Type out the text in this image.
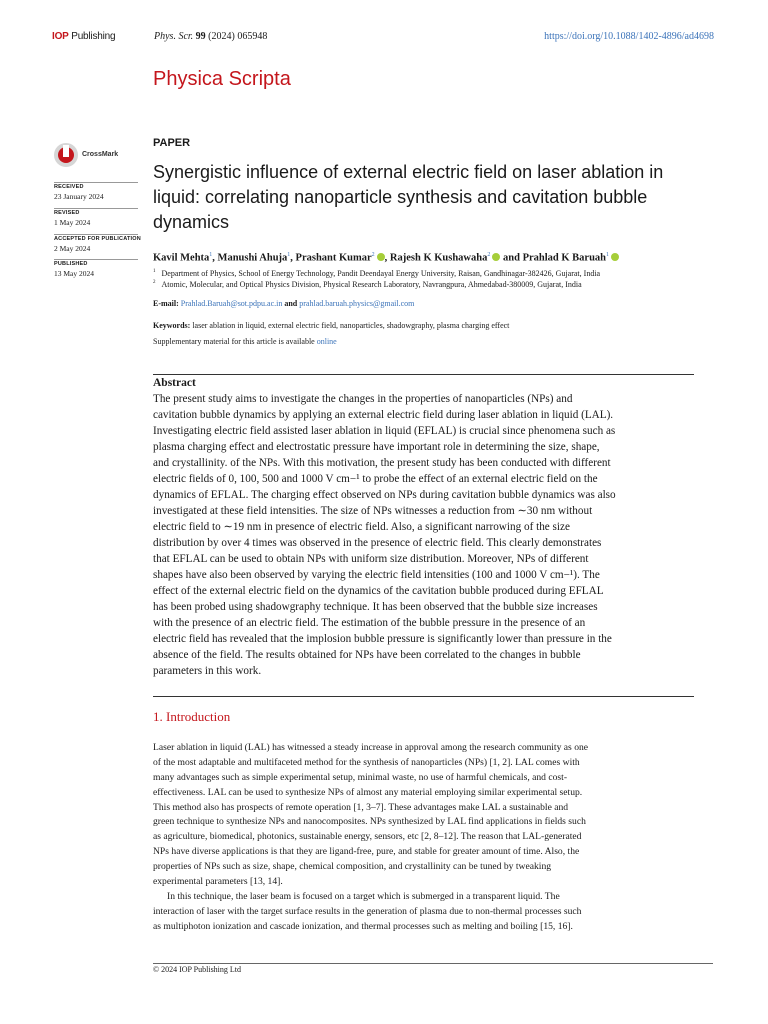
IOP Publishing	Phys. Scr. 99 (2024) 065948	https://doi.org/10.1088/1402-4896/ad4698
Physica Scripta
CrossMark
RECEIVED
23 January 2024
REVISED
1 May 2024
ACCEPTED FOR PUBLICATION
2 May 2024
PUBLISHED
13 May 2024
PAPER
Synergistic influence of external electric field on laser ablation in
liquid: correlating nanoparticle synthesis and cavitation bubble
dynamics
Kavil Mehta$^1$, Manushi Ahuja$^1$, Prashant Kumar$^2$ , Rajesh K Kushawaha$^2$ and Prahlad K Baruah$^1$
$^1$ Department of Physics, School of Energy Technology, Pandit Deendayal Energy University, Raisan, Gandhinagar-382426, Gujarat, India
$^2$ Atomic, Molecular, and Optical Physics Division, Physical Research Laboratory, Navrangpura, Ahmedabad-380009, Gujarat, India
E-mail: Prahlad.Baruah@sot.pdpu.ac.in and prahlad.baruah.physics@gmail.com
Keywords: laser ablation in liquid, external electric field, nanoparticles, shadowgraphy, plasma charging effect
Supplementary material for this article is available online
Abstract
The present study aims to investigate the changes in the properties of nanoparticles (NPs) and
cavitation bubble dynamics by applying an external electric field during laser ablation in liquid (LAL).
Investigating electric field assisted laser ablation in liquid (EFLAL) is crucial since phenomena such as
plasma charging effect and electrostatic pressure have important role in determining the size, shape,
and crystallinity. of the NPs. With this motivation, the present study has been conducted with different
electric fields of 0, 100, 500 and 1000 V cm−¹ to probe the effect of an external electric field on the
dynamics of EFLAL. The charging effect observed on NPs during cavitation bubble dynamics was also
investigated at these field intensities. The size of NPs witnesses a reduction from ∼30 nm without
electric field to ∼19 nm in presence of electric field. Also, a significant narrowing of the size
distribution by over 4 times was observed in the presence of electric field. This clearly demonstrates
that EFLAL can be used to obtain NPs with uniform size distribution. Moreover, NPs of different
shapes have also been observed by varying the electric field intensities (100 and 1000 V cm−¹). The
effect of the external electric field on the dynamics of the cavitation bubble produced during EFLAL
has been probed using shadowgraphy technique. It has been observed that the bubble size increases
with the presence of an electric field. The estimation of the bubble pressure in the presence of an
electric field has revealed that the implosion bubble pressure is significantly lower than pressure in the
absence of the field. The results obtained for NPs have been correlated to the changes in bubble
parameters in this work.
1. Introduction
Laser ablation in liquid (LAL) has witnessed a steady increase in approval among the research community as one
of the most adaptable and multifaceted method for the synthesis of nanoparticles (NPs) [1, 2]. LAL comes with
many advantages such as simple experimental setup, minimal waste, no use of harmful chemicals, and cost-
effectiveness. LAL can be used to synthesize NPs of almost any material employing similar experimental setup.
This method also has prospects of remote operation [1, 3–7]. These advantages make LAL a sustainable and
green technique to synthesize NPs and nanocomposites. NPs synthesized by LAL find applications in fields such
as agriculture, biomedical, photonics, sustainable energy, sensors, etc [2, 8–12]. The reason that LAL-generated
NPs have diverse applications is that they are ligand-free, pure, and stable for greater amount of time. Also, the
properties of NPs such as size, shape, chemical composition, and crystallinity can be tuned by tweaking
experimental parameters [13, 14].
In this technique, the laser beam is focused on a target which is submerged in a transparent liquid. The
interaction of laser with the target surface results in the generation of plasma due to non-thermal processes such
as multiphoton ionization and cascade ionization, and thermal processes such as melting and boiling [15, 16].
© 2024 IOP Publishing Ltd
